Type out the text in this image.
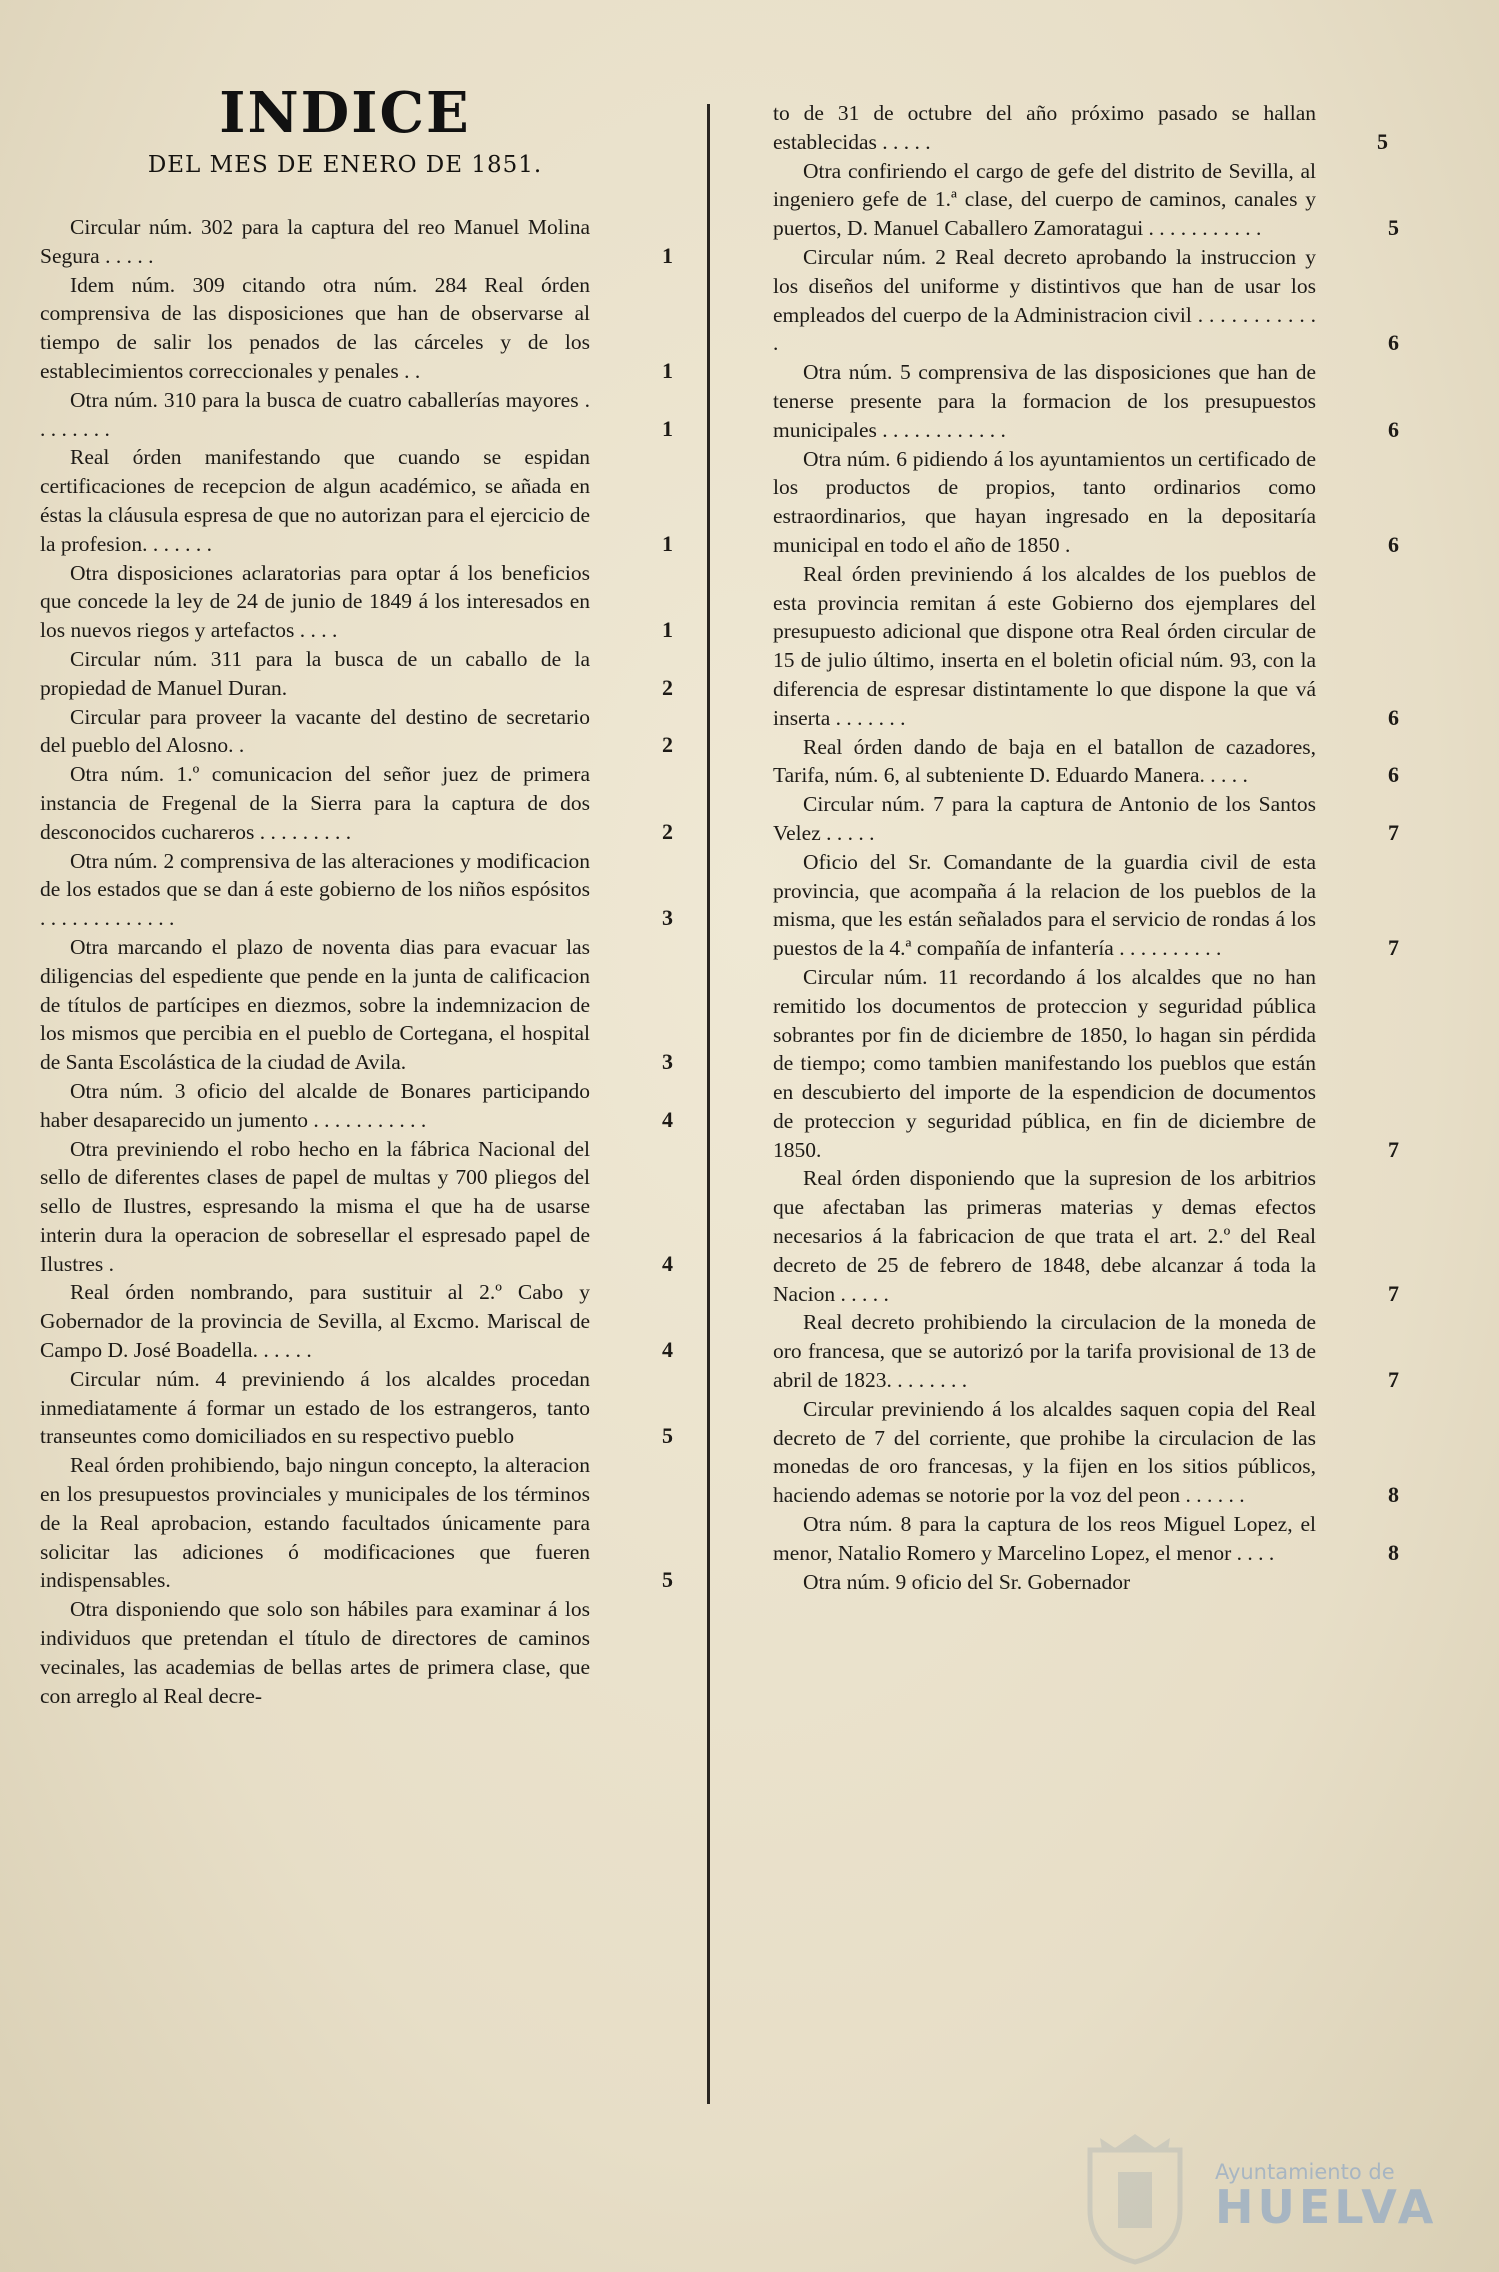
INDICE
DEL MES DE ENERO DE 1851.
Circular núm. 302 para la captura del reo Manuel Molina Segura . . . . .	1
Idem núm. 309 citando otra núm. 284 Real órden comprensiva de las disposiciones que han de observarse al tiempo de salir los penados de las cárceles y de los establecimientos correccionales y penales . .	1
Otra núm. 310 para la busca de cuatro caballerías mayores . . . . . . . .	1
Real órden manifestando que cuando se espidan certificaciones de recepcion de algun académico, se añada en éstas la cláusula espresa de que no autorizan para el ejercicio de la profesion. . . . . . .	1
Otra disposiciones aclaratorias para optar á los beneficios que concede la ley de 24 de junio de 1849 á los interesados en los nuevos riegos y artefactos . . . .	1
Circular núm. 311 para la busca de un caballo de la propiedad de Manuel Duran.	2
Circular para proveer la vacante del destino de secretario del pueblo del Alosno. .	2
Otra núm. 1.º comunicacion del señor juez de primera instancia de Fregenal de la Sierra para la captura de dos desconocidos cuchareros . . . . . . . . .	2
Otra núm. 2 comprensiva de las alteraciones y modificacion de los estados que se dan á este gobierno de los niños espósitos . . . . . . . . . . . . .	3
Otra marcando el plazo de noventa dias para evacuar las diligencias del espediente que pende en la junta de calificacion de títulos de partícipes en diezmos, sobre la indemnizacion de los mismos que percibia en el pueblo de Cortegana, el hospital de Santa Escolástica de la ciudad de Avila.	3
Otra núm. 3 oficio del alcalde de Bonares participando haber desaparecido un jumento . . . . . . . . . . .	4
Otra previniendo el robo hecho en la fábrica Nacional del sello de diferentes clases de papel de multas y 700 pliegos del sello de Ilustres, espresando la misma el que ha de usarse interin dura la operacion de sobresellar el espresado papel de Ilustres .	4
Real órden nombrando, para sustituir al 2.º Cabo y Gobernador de la provincia de Sevilla, al Excmo. Mariscal de Campo D. José Boadella. . . . . .	4
Circular núm. 4 previniendo á los alcaldes procedan inmediatamente á formar un estado de los estrangeros, tanto transeuntes como domiciliados en su respectivo pueblo	5
Real órden prohibiendo, bajo ningun concepto, la alteracion en los presupuestos provinciales y municipales de los términos de la Real aprobacion, estando facultados únicamente para solicitar las adiciones ó modificaciones que fueren indispensables.	5
Otra disponiendo que solo son hábiles para examinar á los individuos que pretendan el título de directores de caminos vecinales, las academias de bellas artes de primera clase, que con arreglo al Real decre-
to de 31 de octubre del año próximo pasado se hallan establecidas . . . . .	5
Otra confiriendo el cargo de gefe del distrito de Sevilla, al ingeniero gefe de 1.ª clase, del cuerpo de caminos, canales y puertos, D. Manuel Caballero Zamoratagui . . . . . . . . . . .	5
Circular núm. 2 Real decreto aprobando la instruccion y los diseños del uniforme y distintivos que han de usar los empleados del cuerpo de la Administracion civil . . . . . . . . . . . .	6
Otra núm. 5 comprensiva de las disposiciones que han de tenerse presente para la formacion de los presupuestos municipales . . . . . . . . . . . .	6
Otra núm. 6 pidiendo á los ayuntamientos un certificado de los productos de propios, tanto ordinarios como estraordinarios, que hayan ingresado en la depositaría municipal en todo el año de 1850 .	6
Real órden previniendo á los alcaldes de los pueblos de esta provincia remitan á este Gobierno dos ejemplares del presupuesto adicional que dispone otra Real órden circular de 15 de julio último, inserta en el boletin oficial núm. 93, con la diferencia de espresar distintamente lo que dispone la que vá inserta . . . . . . .	6
Real órden dando de baja en el batallon de cazadores, Tarifa, núm. 6, al subteniente D. Eduardo Manera. . . . .	6
Circular núm. 7 para la captura de Antonio de los Santos Velez . . . . .	7
Oficio del Sr. Comandante de la guardia civil de esta provincia, que acompaña á la relacion de los pueblos de la misma, que les están señalados para el servicio de rondas á los puestos de la 4.ª compañía de infantería . . . . . . . . . .	7
Circular núm. 11 recordando á los alcaldes que no han remitido los documentos de proteccion y seguridad pública sobrantes por fin de diciembre de 1850, lo hagan sin pérdida de tiempo; como tambien manifestando los pueblos que están en descubierto del importe de la espendicion de documentos de proteccion y seguridad pública, en fin de diciembre de 1850.	7
Real órden disponiendo que la supresion de los arbitrios que afectaban las primeras materias y demas efectos necesarios á la fabricacion de que trata el art. 2.º del Real decreto de 25 de febrero de 1848, debe alcanzar á toda la Nacion . . . . .	7
Real decreto prohibiendo la circulacion de la moneda de oro francesa, que se autorizó por la tarifa provisional de 13 de abril de 1823. . . . . . . .	7
Circular previniendo á los alcaldes saquen copia del Real decreto de 7 del corriente, que prohibe la circulacion de las monedas de oro francesas, y la fijen en los sitios públicos, haciendo ademas se notorie por la voz del peon . . . . . .	8
Otra núm. 8 para la captura de los reos Miguel Lopez, el menor, Natalio Romero y Marcelino Lopez, el menor . . . .	8
Otra núm. 9 oficio del Sr. Gobernador
Ayuntamiento de
HUELVA
